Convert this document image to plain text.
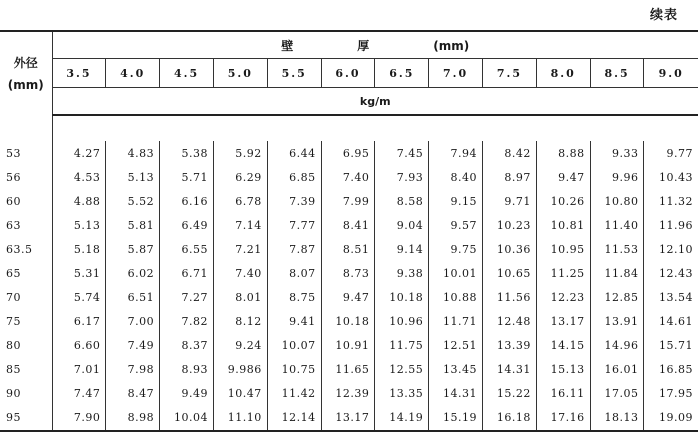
续表
外径
(mm)	壁 厚 (mm)											
	3.5	4.0	4.5	5.0	5.5	6.0	6.5	7.0	7.5	8.0	8.5	9.0
	kg/m											

53	4.27	4.83	5.38	5.92	6.44	6.95	7.45	7.94	8.42	8.88	9.33	9.77
56	4.53	5.13	5.71	6.29	6.85	7.40	7.93	8.40	8.97	9.47	9.96	10.43
60	4.88	5.52	6.16	6.78	7.39	7.99	8.58	9.15	9.71	10.26	10.80	11.32
63	5.13	5.81	6.49	7.14	7.77	8.41	9.04	9.57	10.23	10.81	11.40	11.96
63.5	5.18	5.87	6.55	7.21	7.87	8.51	9.14	9.75	10.36	10.95	11.53	12.10
65	5.31	6.02	6.71	7.40	8.07	8.73	9.38	10.01	10.65	11.25	11.84	12.43
70	5.74	6.51	7.27	8.01	8.75	9.47	10.18	10.88	11.56	12.23	12.85	13.54
75	6.17	7.00	7.82	8.12	9.41	10.18	10.96	11.71	12.48	13.17	13.91	14.61
80	6.60	7.49	8.37	9.24	10.07	10.91	11.75	12.51	13.39	14.15	14.96	15.71
85	7.01	7.98	8.93	9.986	10.75	11.65	12.55	13.45	14.31	15.13	16.01	16.85
90	7.47	8.47	9.49	10.47	11.42	12.39	13.35	14.31	15.22	16.11	17.05	17.95
95	7.90	8.98	10.04	11.10	12.14	13.17	14.19	15.19	16.18	17.16	18.13	19.09
